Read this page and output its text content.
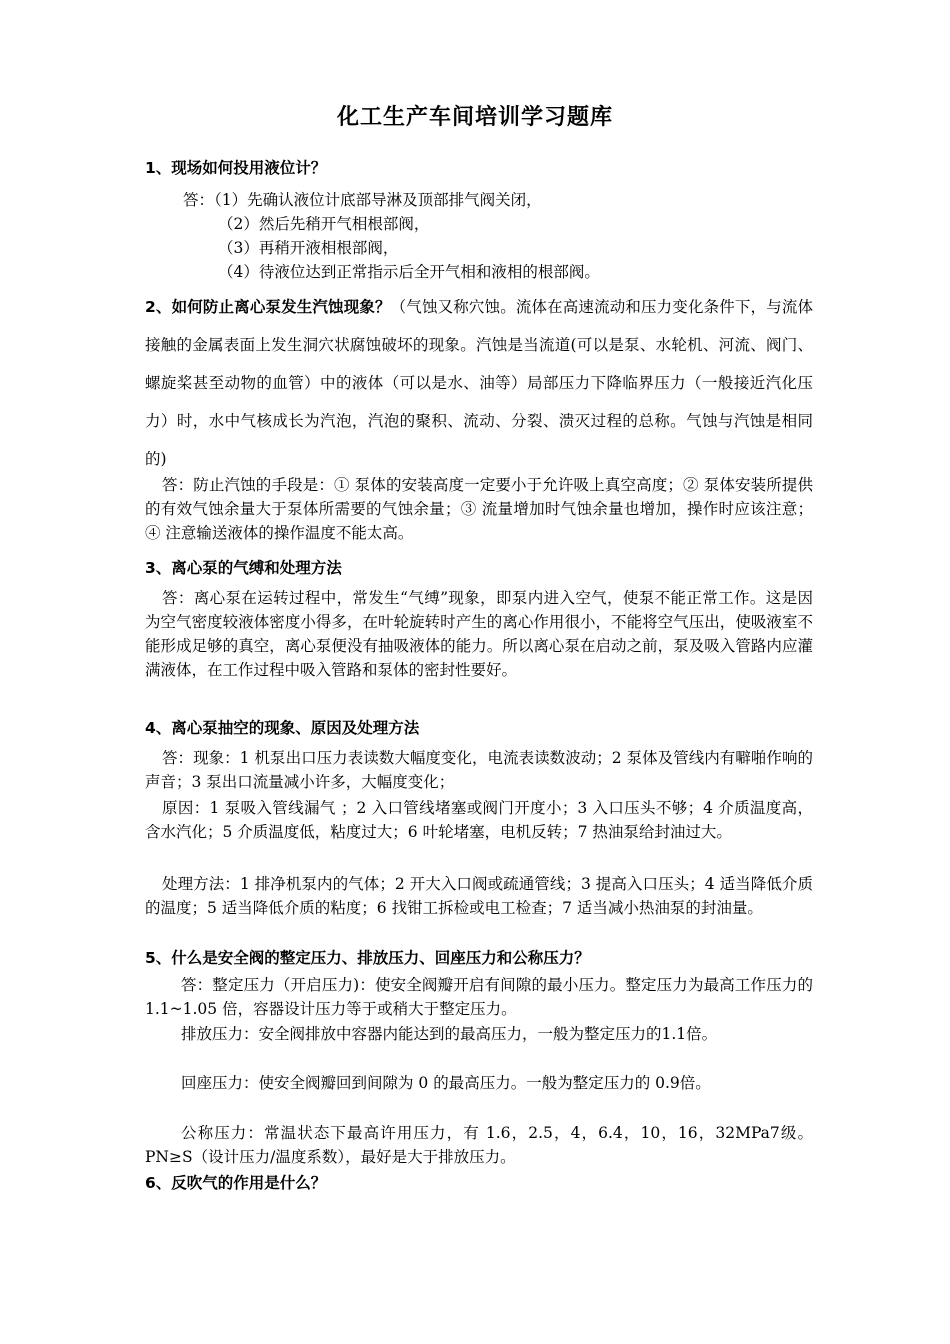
化工生产车间培训学习题库
1、现场如何投用液位计？
答：（1）先确认液位计底部导淋及顶部排气阀关闭，
（2）然后先稍开气相根部阀，
（3）再稍开液相根部阀，
（4）待液位达到正常指示后全开气相和液相的根部阀。
2、如何防止离心泵发生汽蚀现象？（气蚀又称穴蚀。流体在高速流动和压力变化条件下，与流体接触的金属表面上发生洞穴状腐蚀破坏的现象。汽蚀是当流道(可以是泵、水轮机、河流、阀门、螺旋桨甚至动物的血管）中的液体（可以是水、油等）局部压力下降临界压力（一般接近汽化压力）时，水中气核成长为汽泡，汽泡的聚积、流动、分裂、溃灭过程的总称。气蚀与汽蚀是相同的)
答：防止汽蚀的手段是：① 泵体的安装高度一定要小于允许吸上真空高度；② 泵体安装所提供的有效气蚀余量大于泵体所需要的气蚀余量；③ 流量增加时气蚀余量也增加，操作时应该注意；④ 注意输送液体的操作温度不能太高。
3、离心泵的气缚和处理方法
答：离心泵在运转过程中，常发生“气缚”现象，即泵内进入空气，使泵不能正常工作。这是因为空气密度较液体密度小得多，在叶轮旋转时产生的离心作用很小，不能将空气压出，使吸液室不能形成足够的真空，离心泵便没有抽吸液体的能力。所以离心泵在启动之前，泵及吸入管路内应灌满液体，在工作过程中吸入管路和泵体的密封性要好。
4、离心泵抽空的现象、原因及处理方法
答：现象：1 机泵出口压力表读数大幅度变化，电流表读数波动；2 泵体及管线内有噼啪作响的声音；3 泵出口流量减小许多，大幅度变化；
原因：1 泵吸入管线漏气 ；2 入口管线堵塞或阀门开度小；3 入口压头不够；4 介质温度高，含水汽化；5 介质温度低，粘度过大；6 叶轮堵塞，电机反转；7 热油泵给封油过大。
处理方法：1 排净机泵内的气体；2 开大入口阀或疏通管线；3 提高入口压头；4 适当降低介质的温度；5 适当降低介质的粘度；6 找钳工拆检或电工检查；7 适当减小热油泵的封油量。
5、什么是安全阀的整定压力、排放压力、回座压力和公称压力？
答：整定压力（开启压力)：使安全阀瓣开启有间隙的最小压力。整定压力为最高工作压力的 1.1~1.05 倍，容器设计压力等于或稍大于整定压力。
排放压力：安全阀排放中容器内能达到的最高压力，一般为整定压力的1.1倍。
回座压力：使安全阀瓣回到间隙为 0 的最高压力。一般为整定压力的 0.9倍。
公称压力：常温状态下最高许用压力，有 1.6，2.5，4，6.4，10，16，32MPa7级。PN≥S（设计压力/温度系数），最好是大于排放压力。
6、反吹气的作用是什么？
